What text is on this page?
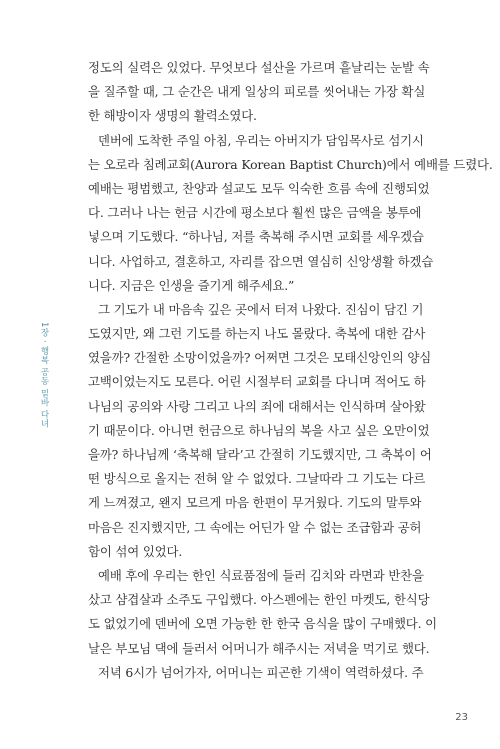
정도의 실력은 있었다. 무엇보다 설산을 가르며 흩날리는 눈발 속
을 질주할 때, 그 순간은 내게 일상의 피로를 씻어내는 가장 확실
한 해방이자 생명의 활력소였다.
덴버에 도착한 주일 아침, 우리는 아버지가 담임목사로 섬기시
는 오로라 침례교회(Aurora Korean Baptist Church)에서 예배를 드렸다.
예배는 평범했고, 찬양과 설교도 모두 익숙한 흐름 속에 진행되었
다. 그러나 나는 헌금 시간에 평소보다 훨씬 많은 금액을 봉투에
넣으며 기도했다. “하나님, 저를 축복해 주시면 교회를 세우겠습
니다. 사업하고, 결혼하고, 자리를 잡으면 열심히 신앙생활 하겠습
니다. 지금은 인생을 즐기게 해주세요.”
그 기도가 내 마음속 깊은 곳에서 터져 나왔다. 진심이 담긴 기
도였지만, 왜 그런 기도를 하는지 나도 몰랐다. 축복에 대한 감사
였을까? 간절한 소망이었을까? 어쩌면 그것은 모태신앙인의 양심
고백이었는지도 모른다. 어린 시절부터 교회를 다니며 적어도 하
나님의 공의와 사랑 그리고 나의 죄에 대해서는 인식하며 살아왔
기 때문이다. 아니면 헌금으로 하나님의 복을 사고 싶은 오만이었
을까? 하나님께 ‘축복해 달라’고 간절히 기도했지만, 그 축복이 어
떤 방식으로 올지는 전혀 알 수 없었다. 그날따라 그 기도는 다르
게 느껴졌고, 왠지 모르게 마음 한편이 무거웠다. 기도의 말투와
마음은 진지했지만, 그 속에는 어딘가 알 수 없는 조급함과 공허
함이 섞여 있었다.
예배 후에 우리는 한인 식료품점에 들러 김치와 라면과 반찬을
샀고 샴겹살과 소주도 구입했다. 아스펜에는 한인 마켓도, 한식당
도 없었기에 덴버에 오면 가능한 한 한국 음식을 많이 구매했다. 이
날은 부모님 댁에 들러서 어머니가 해주시는 저녁을 먹기로 했다.
저녁 6시가 넘어가자, 어머니는 피곤한 기색이 역력하셨다. 주
1장 · 행복 공동 밑바 다녀
23
